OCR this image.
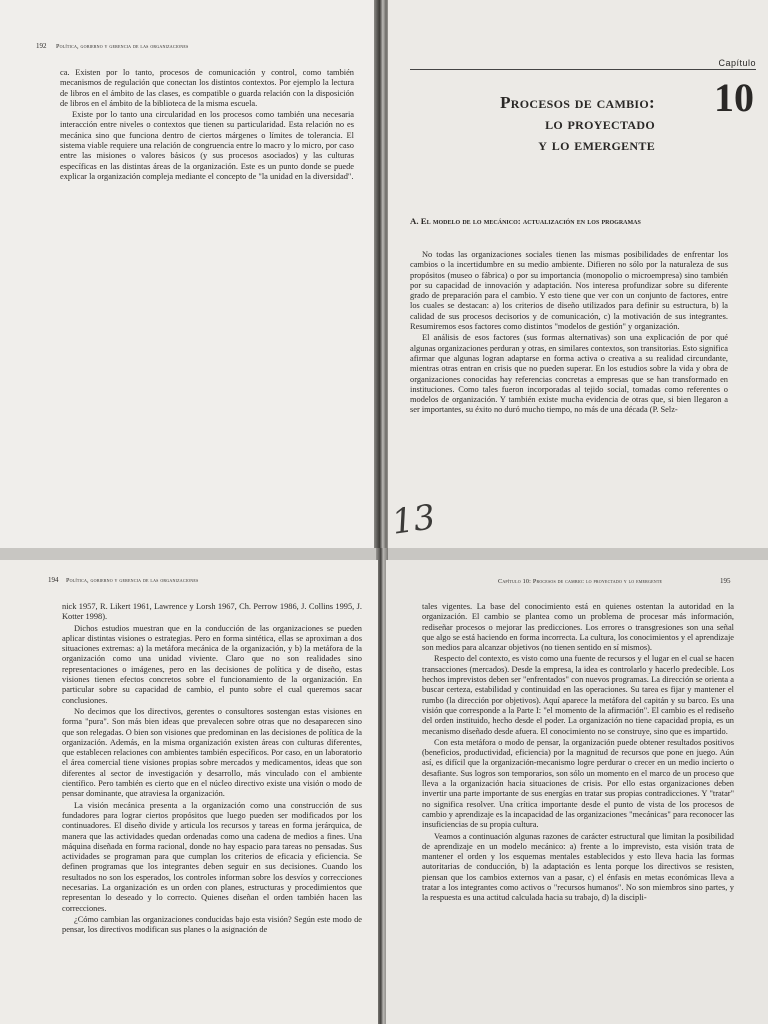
192 Política, gobierno y gerencia de las organizaciones

ca. Existen por lo tanto, procesos de comunicación y control, como también mecanismos de regulación que conectan los distintos contextos. Por ejemplo la lectura de libros en el ámbito de las clases, es compatible o guarda relación con la disposición de libros en el ámbito de la biblioteca de la misma escuela.

Existe por lo tanto una circularidad en los procesos como también una necesaria interacción entre niveles o contextos que tienen su particularidad. Esta relación no es mecánica sino que funciona dentro de ciertos márgenes o límites de tolerancia. El sistema viable requiere una relación de congruencia entre lo macro y lo micro, por caso entre las misiones o valores básicos (y sus procesos asociados) y las culturas específicas en las distintas áreas de la organización. Este es un punto donde se puede explicar la organización compleja mediante el concepto de "la unidad en la diversidad".

Capítulo
10
Procesos de cambio:
lo proyectado
y lo emergente
A. El modelo de lo mecánico: actualización en los programas

No todas las organizaciones sociales tienen las mismas posibilidades de enfrentar los cambios o la incertidumbre en su medio ambiente. Difieren no sólo por la naturaleza de sus propósitos (museo o fábrica) o por su importancia (monopolio o microempresa) sino también por su capacidad de innovación y adaptación. Nos interesa profundizar sobre su diferente grado de preparación para el cambio. Y esto tiene que ver con un conjunto de factores, entre los cuales se destacan: a) los criterios de diseño utilizados para definir su estructura, b) la calidad de sus procesos decisorios y de comunicación, c) la motivación de sus integrantes. Resumiremos esos factores como distintos "modelos de gestión" y organización.

El análisis de esos factores (sus formas alternativas) son una explicación de por qué algunas organizaciones perduran y otras, en similares contextos, son transitorias. Esto significa afirmar que algunas logran adaptarse en forma activa o creativa a su realidad circundante, mientras otras entran en crisis que no pueden superar. En los estudios sobre la vida y obra de organizaciones conocidas hay referencias concretas a empresas que se han transformado en instituciones. Como tales fueron incorporadas al tejido social, tomadas como referentes o modelos de organización. Y también existe mucha evidencia de otras que, si bien llegaron a ser importantes, su éxito no duró mucho tiempo, no más de una década (P. Selz-

13
194 Política, gobierno y gerencia de las organizaciones

nick 1957, R. Likert 1961, Lawrence y Lorsh 1967, Ch. Perrow 1986, J. Collins 1995, J. Kotter 1998).

Dichos estudios muestran que en la conducción de las organizaciones se pueden aplicar distintas visiones o estrategias. Pero en forma sintética, ellas se aproximan a dos situaciones extremas: a) la metáfora mecánica de la organización, y b) la metáfora de la organización como una unidad viviente. Claro que no son realidades sino representaciones o imágenes, pero en las decisiones de política y de diseño, estas visiones tienen efectos concretos sobre el funcionamiento de la organización. En particular sobre su capacidad de cambio, el punto sobre el cual queremos sacar conclusiones.

No decimos que los directivos, gerentes o consultores sostengan estas visiones en forma "pura". Son más bien ideas que prevalecen sobre otras que no desaparecen sino que son relegadas. O bien son visiones que predominan en las decisiones de política de la organización. Además, en la misma organización existen áreas con culturas diferentes, que establecen relaciones con ambientes también específicos. Por caso, en un laboratorio el área comercial tiene visiones propias sobre mercados y medicamentos, ideas que son diferentes al sector de investigación y desarrollo, más vinculado con el ambiente científico. Pero también es cierto que en el núcleo directivo existe una visión o modo de pensar dominante, que atraviesa la organización.

La visión mecánica presenta a la organización como una construcción de sus fundadores para lograr ciertos propósitos que luego pueden ser modificados por los continuadores. El diseño divide y articula los recursos y tareas en forma jerárquica, de manera que las actividades quedan ordenadas como una cadena de medios a fines. Una máquina diseñada en forma racional, donde no hay espacio para tareas no pensadas. Sus actividades se programan para que cumplan los criterios de eficacia y eficiencia. Se definen programas que los integrantes deben seguir en sus decisiones. Cuando los resultados no son los esperados, los controles informan sobre los desvíos y correcciones necesarias. La organización es un orden con planes, estructuras y procedimientos que representan lo deseado y lo correcto. Quienes diseñan el orden también hacen las correcciones.

¿Cómo cambian las organizaciones conducidas bajo esta visión? Según este modo de pensar, los directivos modifican sus planes o la asignación de

Capítulo 10: Procesos de cambio: lo proyectado y lo emergente	195

tales vigentes. La base del conocimiento está en quienes ostentan la autoridad en la organización. El cambio se plantea como un problema de procesar más información, rediseñar procesos o mejorar las predicciones. Los errores o transgresiones son una señal que algo se está haciendo en forma incorrecta. La cultura, los conocimientos y el aprendizaje son medios para alcanzar objetivos (no tienen sentido en sí mismos).

Respecto del contexto, es visto como una fuente de recursos y el lugar en el cual se hacen transacciones (mercados). Desde la empresa, la idea es controlarlo y hacerlo predecible. Los hechos imprevistos deben ser "enfrentados" con nuevos programas. La dirección se orienta a buscar certeza, estabilidad y continuidad en las operaciones. Su tarea es fijar y mantener el rumbo (la dirección por objetivos). Aquí aparece la metáfora del capitán y su barco. Es una visión que corresponde a la Parte I: "el momento de la afirmación". El cambio es el rediseño del orden instituido, hecho desde el poder. La organización no tiene capacidad propia, es un mecanismo diseñado desde afuera. El conocimiento no se construye, sino que es impartido.

Con esta metáfora o modo de pensar, la organización puede obtener resultados positivos (beneficios, productividad, eficiencia) por la magnitud de recursos que pone en juego. Aún así, es difícil que la organización-mecanismo logre perdurar o crecer en un medio incierto o desafiante. Sus logros son temporarios, son sólo un momento en el marco de un proceso que lleva a la organización hacia situaciones de crisis. Por ello estas organizaciones deben invertir una parte importante de sus energías en tratar sus propias contradicciones. Y "tratar" no significa resolver. Una crítica importante desde el punto de vista de los procesos de cambio y aprendizaje es la incapacidad de las organizaciones "mecánicas" para reconocer las insuficiencias de su propia cultura.

Veamos a continuación algunas razones de carácter estructural que limitan la posibilidad de aprendizaje en un modelo mecánico: a) frente a lo imprevisto, esta visión trata de mantener el orden y los esquemas mentales establecidos y esto lleva hacia las formas autoritarias de conducción, b) la adaptación es lenta porque los directivos se resisten, piensan que los cambios externos van a pasar, c) el énfasis en metas económicas lleva a tratar a los integrantes como activos o "recursos humanos". No son miembros sino partes, y la respuesta es una actitud calculada hacia su trabajo, d) la discipli-
